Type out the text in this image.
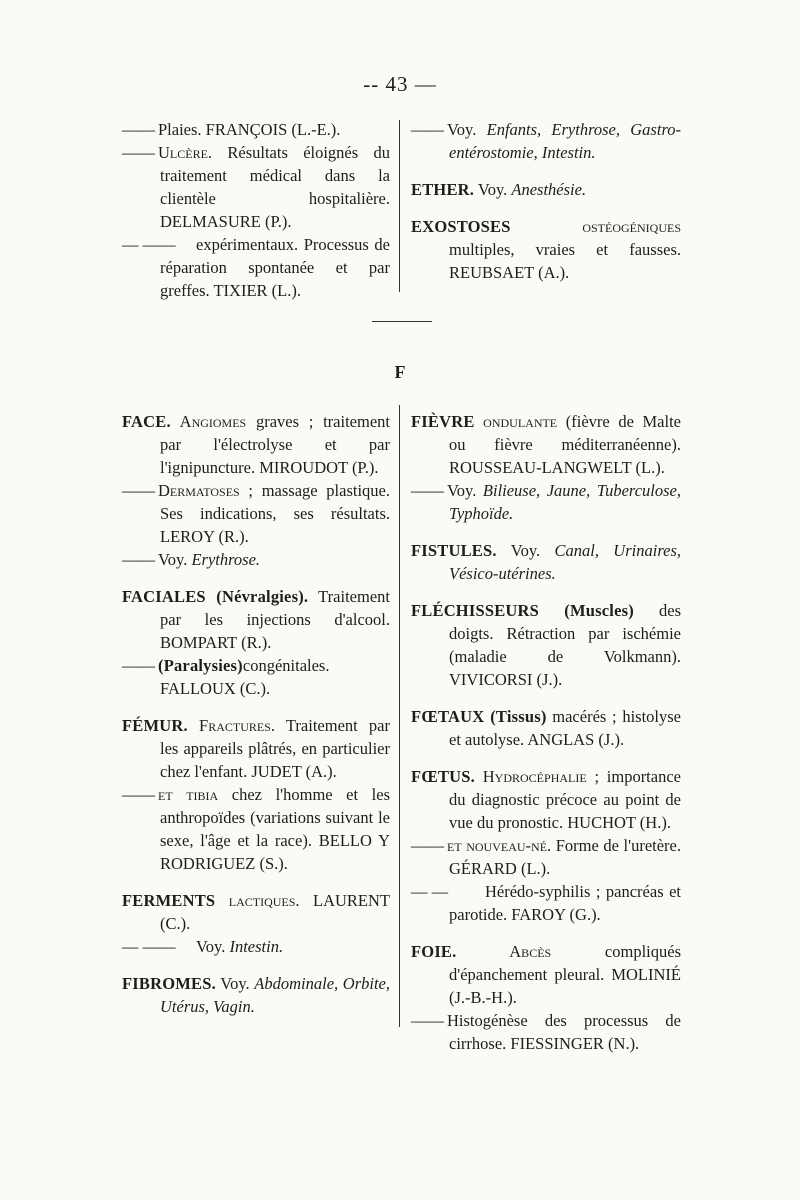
-- 43 —

—— Plaies. FRANÇOIS (L.-E.).

—— Ulcère. Résultats éloignés du traitement médical dans la clientèle hospitalière. DELMASURE (P.).

— —— expérimentaux. Processus de réparation spontanée et par greffes. TIXIER (L.).

—— Voy. Enfants, Erythrose, Gastro-entérostomie, Intestin.

ETHER. Voy. Anesthésie.

EXOSTOSES ostéogéniques multiples, vraies et fausses. REUBSAET (A.).

F

FACE. Angiomes graves ; traitement par l'électrolyse et par l'ignipuncture. MIROUDOT (P.).

—— Dermatoses ; massage plastique. Ses indications, ses résultats. LEROY (R.).

—— Voy. Erythrose.

FACIALES (Névralgies). Traitement par les injections d'alcool. BOMPART (R.).

—— (Paralysies)congénitales. FALLOUX (C.).

FÉMUR. Fractures. Traitement par les appareils plâtrés, en particulier chez l'enfant. JUDET (A.).

—— et tibia chez l'homme et les anthropoïdes (variations suivant le sexe, l'âge et la race). BELLO Y RODRIGUEZ (S.).

FERMENTS lactiques. LAURENT (C.).

— —— Voy. Intestin.

FIBROMES. Voy. Abdominale, Orbite, Utérus, Vagin.

FIÈVRE ondulante (fièvre de Malte ou fièvre méditerranéenne). ROUSSEAU-LANGWELT (L.).

—— Voy. Bilieuse, Jaune, Tuberculose, Typhoïde.

FISTULES. Voy. Canal, Urinaires, Vésico-utérines.

FLÉCHISSEURS (Muscles) des doigts. Rétraction par ischémie (maladie de Volkmann). VIVICORSI (J.).

FŒTAUX (Tissus) macérés ; histolyse et autolyse. ANGLAS (J.).

FŒTUS. Hydrocéphalie ; importance du diagnostic précoce au point de vue du pronostic. HUCHOT (H.).

—— et nouveau-né. Forme de l'uretère. GÉRARD (L.).

— — Hérédo-syphilis ; pancréas et parotide. FAROY (G.).

FOIE. Abcès compliqués d'épanchement pleural. MOLINIÉ (J.-B.-H.).

—— Histogénèse des processus de cirrhose. FIESSINGER (N.).
